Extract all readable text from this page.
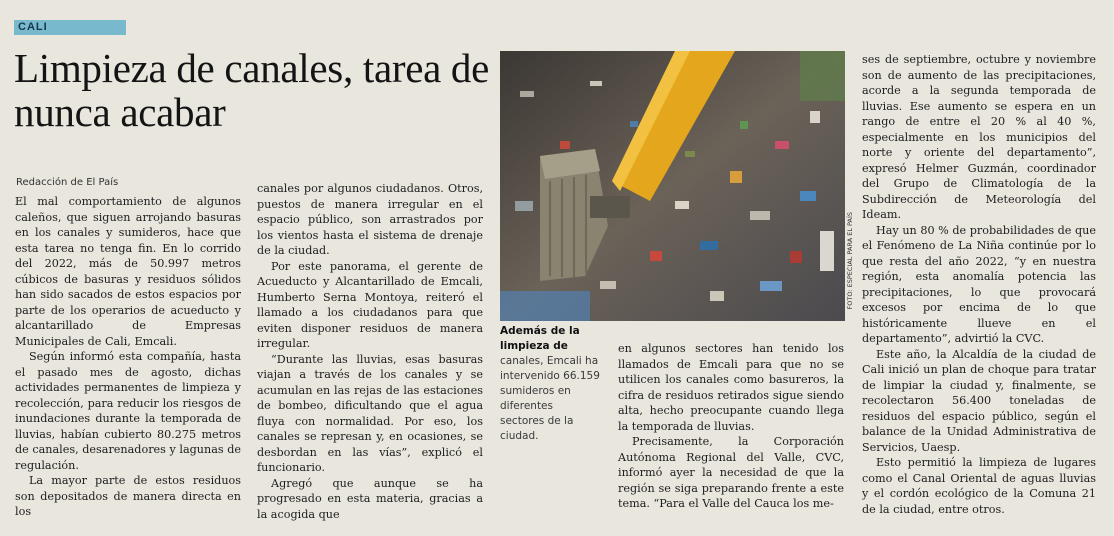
CALI
Limpieza de canales, tarea de nunca acabar
Redacción de El País

El mal comportamiento de algunos caleños, que siguen arrojando basuras en los canales y sumideros, hace que esta tarea no tenga fin. En lo corrido del 2022, más de 50.997 metros cúbicos de basuras y residuos sólidos han sido sacados de estos espacios por parte de los operarios de acueducto y alcantarillado de Empresas Municipales de Cali, Emcali.

Según informó esta compañía, hasta el pasado mes de agosto, dichas actividades permanentes de limpieza y recolección, para reducir los riesgos de inundaciones durante la temporada de lluvias, habían cubierto 80.275 metros de canales, desarenadores y lagunas de regulación.

La mayor parte de estos residuos son depositados de manera directa en los

canales por algunos ciudadanos. Otros, puestos de manera irregular en el espacio público, son arrastrados por los vientos hasta el sistema de drenaje de la ciudad.

Por este panorama, el gerente de Acueducto y Alcantarillado de Emcali, Humberto Serna Montoya, reiteró el llamado a los ciudadanos para que eviten disponer residuos de manera irregular.

“Durante las lluvias, esas basuras viajan a través de los canales y se acumulan en las rejas de las estaciones de bombeo, dificultando que el agua fluya con normalidad. Por eso, los canales se represan y, en ocasiones, se desbordan en las vías”, explicó el funcionario.

Agregó que aunque se ha progresado en esta materia, gracias a la acogida que

FOTO: ESPECIAL PARA EL PAÍS
Además de la limpieza de canales, Emcali ha intervenido 66.159 sumideros en diferentes sectores de la ciudad.

en algunos sectores han tenido los llamados de Emcali para que no se utilicen los canales como basureros, la cifra de residuos retirados sigue siendo alta, hecho preocupante cuando llega la temporada de lluvias.

Precisamente, la Corporación Autónoma Regional del Valle, CVC, informó ayer la necesidad de que la región se siga preparando frente a este tema. “Para el Valle del Cauca los me-

ses de septiembre, octubre y noviembre son de aumento de las precipitaciones, acorde a la segunda temporada de lluvias. Ese aumento se espera en un rango de entre el 20 % al 40 %, especialmente en los municipios del norte y oriente del departamento”, expresó Helmer Guzmán, coordinador del Grupo de Climatología de la Subdirección de Meteorología del Ideam.

Hay un 80 % de probabilidades de que el Fenómeno de La Niña continúe por lo que resta del año 2022, “y en nuestra región, esta anomalía potencia las precipitaciones, lo que provocará excesos por encima de lo que históricamente llueve en el departamento”, advirtió la CVC.

Este año, la Alcaldía de la ciudad de Cali inició un plan de choque para tratar de limpiar la ciudad y, finalmente, se recolectaron 56.400 toneladas de residuos del espacio público, según el balance de la Unidad Administrativa de Servicios, Uaesp.

Esto permitió la limpieza de lugares como el Canal Oriental de aguas lluvias y el cordón ecológico de la Comuna 21 de la ciudad, entre otros.
